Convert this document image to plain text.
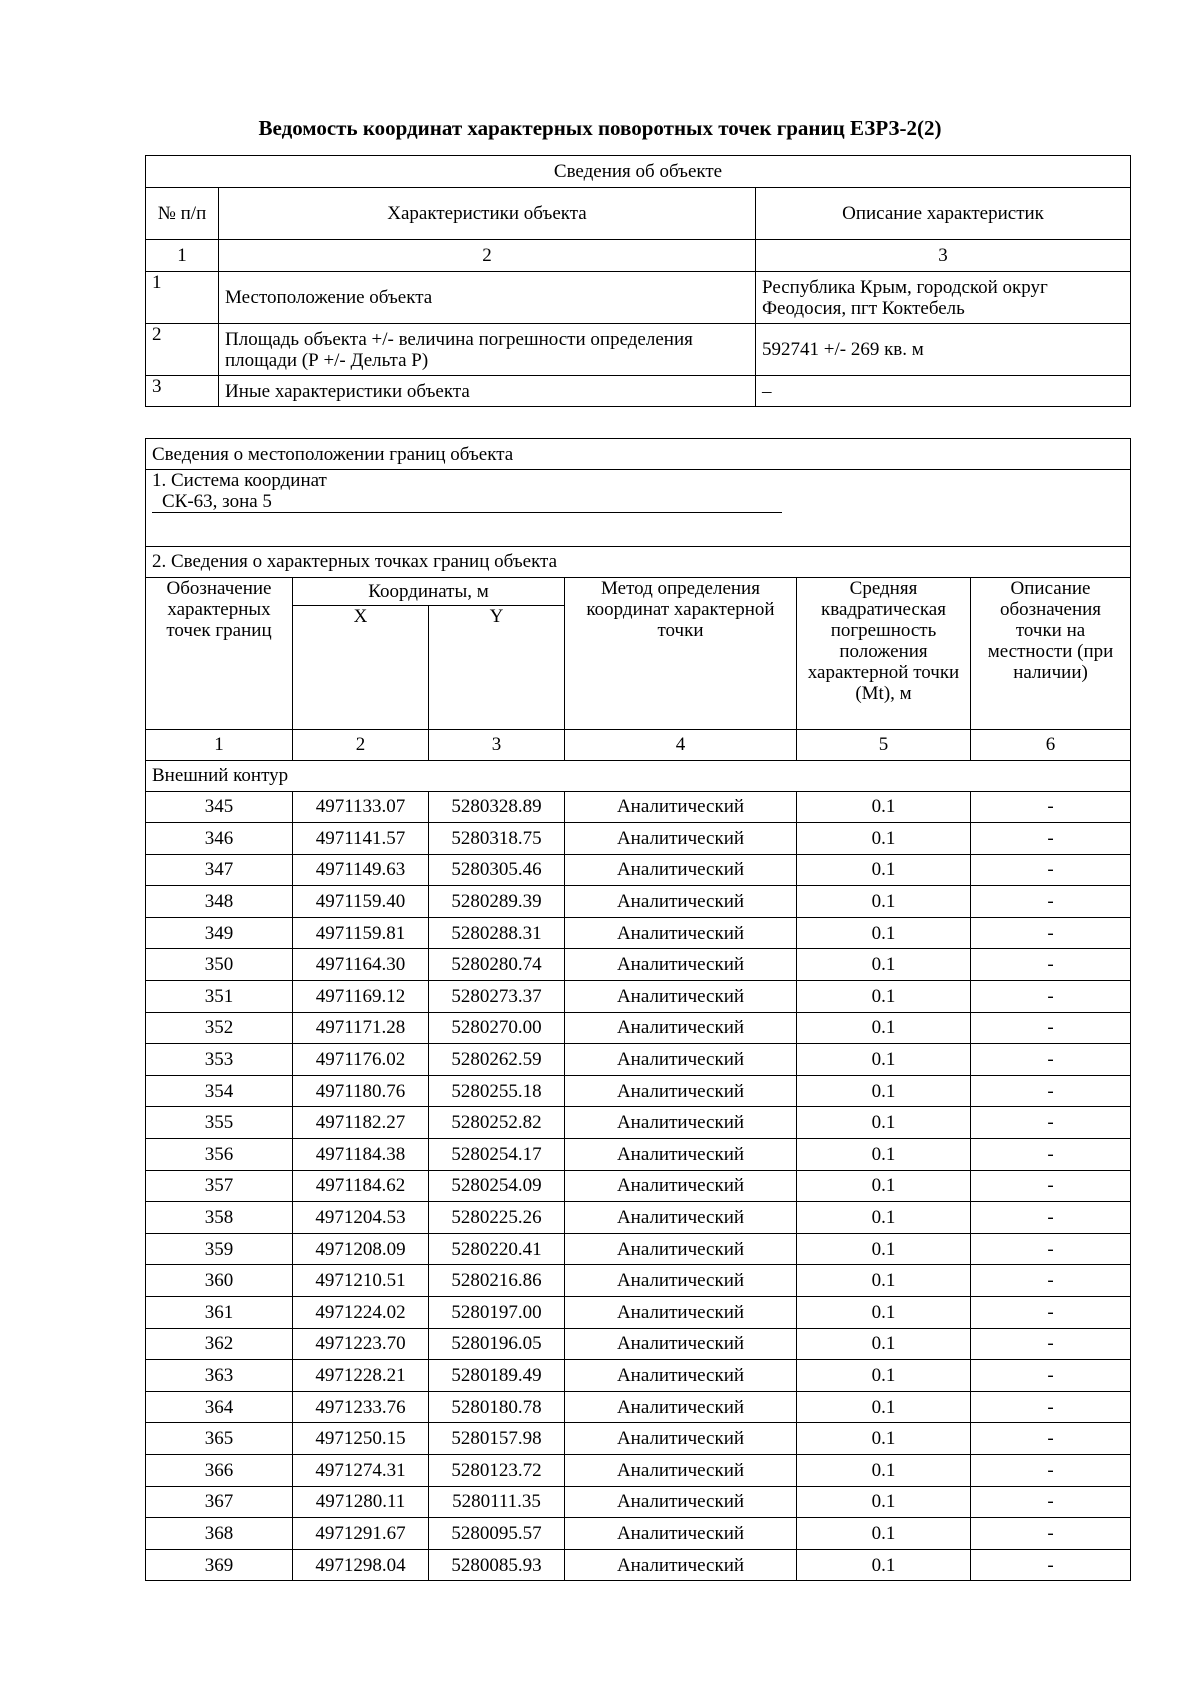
Ведомость координат характерных поворотных точек границ ЕЗРЗ-2(2)
Сведения об объекте		
№ п/п	Характеристики объекта	Описание характеристик
1	2	3
1	Местоположение объекта	Республика Крым, городской округ Феодосия, пгт Коктебель
2	Площадь объекта +/- величина погрешности определения площади (Р +/- Дельта Р)	592741 +/- 269 кв. м
3	Иные характеристики объекта	–
Сведения о местоположении границ объекта					
1. Система координатСК-63, зона 5					

2. Сведения о характерных точках границ объекта					
Обозначение характерных точек границ	Координаты, м		Метод определения координат характерной точки	Средняя квадратическая погрешность положения характерной точки (Mt), м	Описание обозначения точки на местности (при наличии)
	X	Y			
1	2	3	4	5	6
Внешний контур					
345	4971133.07	5280328.89	Аналитический	0.1	-
346	4971141.57	5280318.75	Аналитический	0.1	-
347	4971149.63	5280305.46	Аналитический	0.1	-
348	4971159.40	5280289.39	Аналитический	0.1	-
349	4971159.81	5280288.31	Аналитический	0.1	-
350	4971164.30	5280280.74	Аналитический	0.1	-
351	4971169.12	5280273.37	Аналитический	0.1	-
352	4971171.28	5280270.00	Аналитический	0.1	-
353	4971176.02	5280262.59	Аналитический	0.1	-
354	4971180.76	5280255.18	Аналитический	0.1	-
355	4971182.27	5280252.82	Аналитический	0.1	-
356	4971184.38	5280254.17	Аналитический	0.1	-
357	4971184.62	5280254.09	Аналитический	0.1	-
358	4971204.53	5280225.26	Аналитический	0.1	-
359	4971208.09	5280220.41	Аналитический	0.1	-
360	4971210.51	5280216.86	Аналитический	0.1	-
361	4971224.02	5280197.00	Аналитический	0.1	-
362	4971223.70	5280196.05	Аналитический	0.1	-
363	4971228.21	5280189.49	Аналитический	0.1	-
364	4971233.76	5280180.78	Аналитический	0.1	-
365	4971250.15	5280157.98	Аналитический	0.1	-
366	4971274.31	5280123.72	Аналитический	0.1	-
367	4971280.11	5280111.35	Аналитический	0.1	-
368	4971291.67	5280095.57	Аналитический	0.1	-
369	4971298.04	5280085.93	Аналитический	0.1	-
